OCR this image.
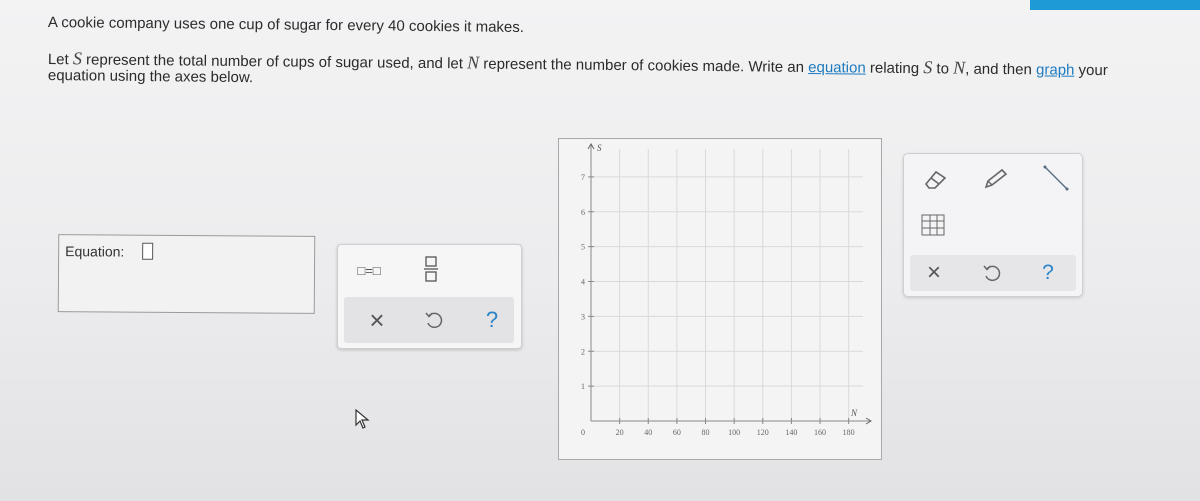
A cookie company uses one cup of sugar for every 40 cookies it makes.
Let S represent the total number of cups of sugar used, and let N represent the number of cookies made. Write an equation relating S to N, and then graph your
equation using the axes below.
Equation:
□=□
×	?
1
2
3
4
5
6
7
20	40	60	80 100 120 140 160 180
S
N
0
×	?
